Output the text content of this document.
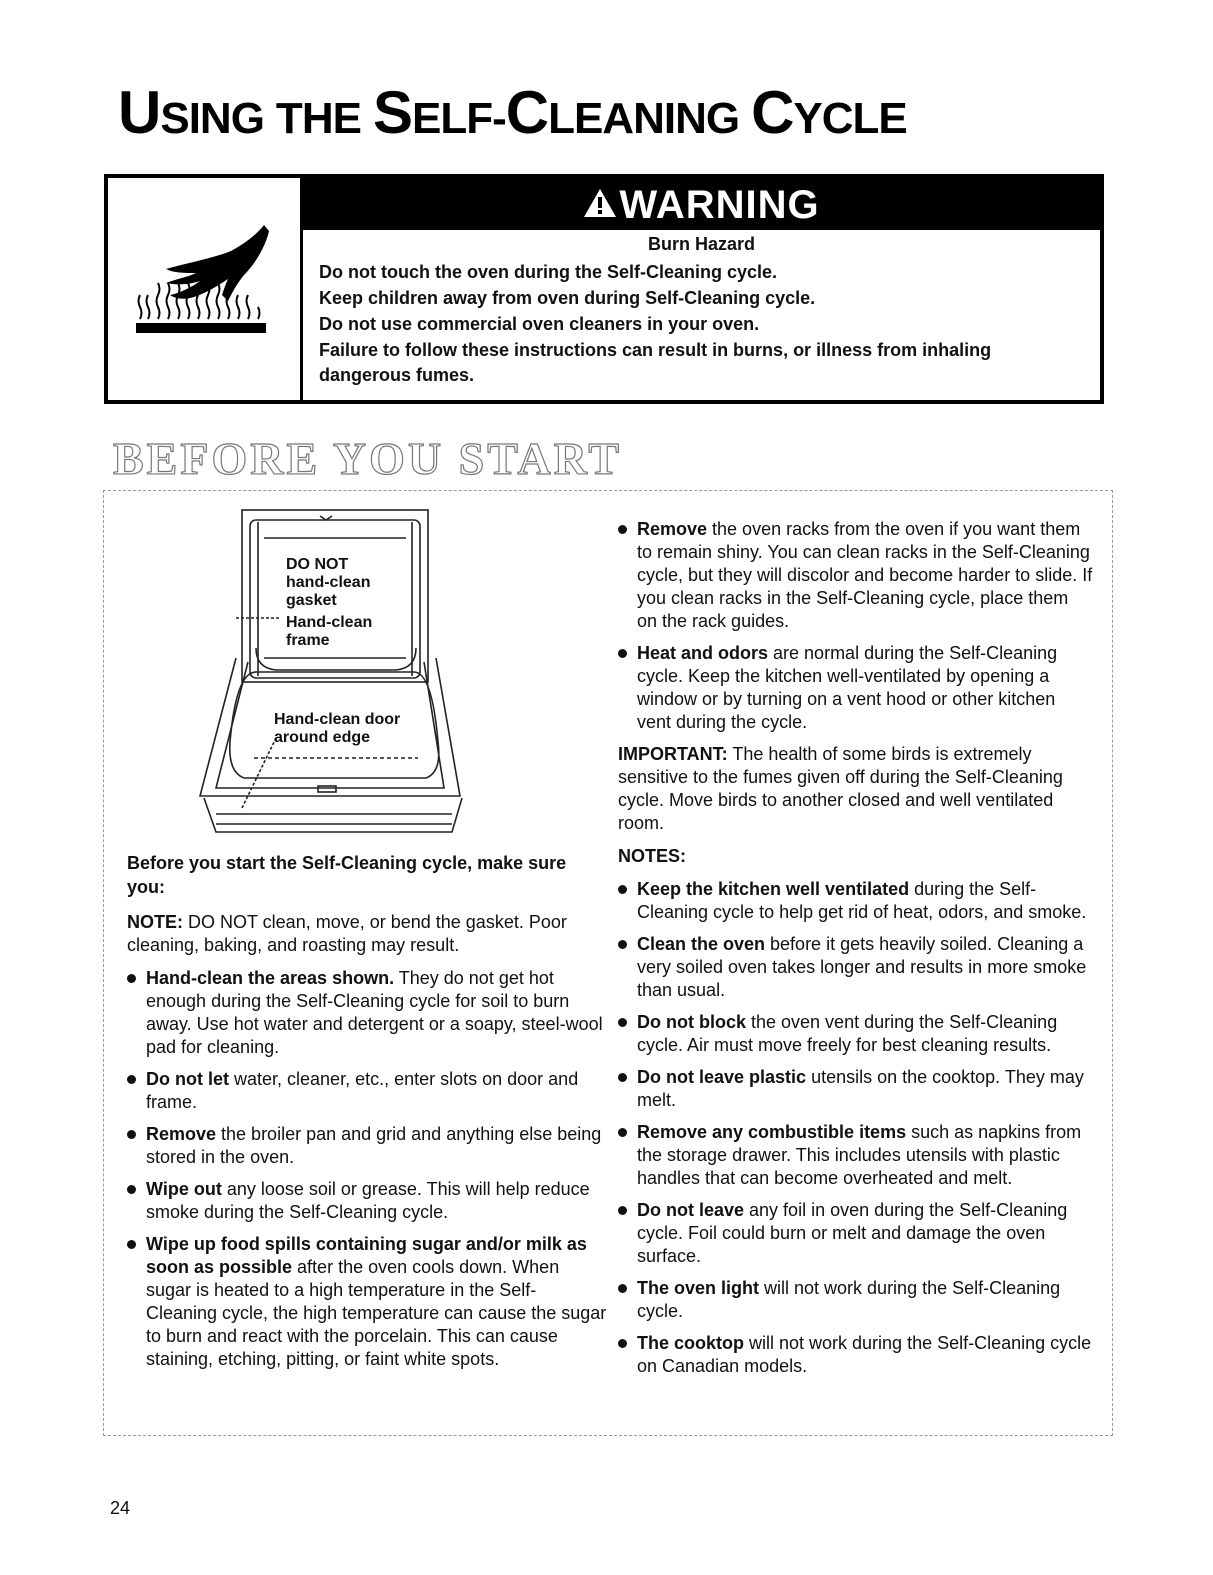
USING THE SELF-CLEANING CYCLE
WARNING
Burn Hazard
Do not touch the oven during the Self-Cleaning cycle.
Keep children away from oven during Self-Cleaning cycle.
Do not use commercial oven cleaners in your oven.
Failure to follow these instructions can result in burns, or illness from inhaling dangerous fumes.
BEFORE YOU START
DO NOT
hand-clean
gasket
Hand-clean
frame
Hand-clean door
around edge

Before you start the Self-Cleaning cycle, make sure you:

NOTE: DO NOT clean, move, or bend the gasket. Poor cleaning, baking, and roasting may result.

Hand-clean the areas shown. They do not get hot enough during the Self-Cleaning cycle for soil to burn away. Use hot water and detergent or a soapy, steel-wool pad for cleaning.
Do not let water, cleaner, etc., enter slots on door and frame.
Remove the broiler pan and grid and anything else being stored in the oven.
Wipe out any loose soil or grease. This will help reduce smoke during the Self-Cleaning cycle.
Wipe up food spills containing sugar and/or milk as soon as possible after the oven cools down. When sugar is heated to a high temperature in the Self-Cleaning cycle, the high temperature can cause the sugar to burn and react with the porcelain. This can cause staining, etching, pitting, or faint white spots.
Remove the oven racks from the oven if you want them to remain shiny. You can clean racks in the Self-Cleaning cycle, but they will discolor and become harder to slide. If you clean racks in the Self-Cleaning cycle, place them on the rack guides.
Heat and odors are normal during the Self-Cleaning cycle. Keep the kitchen well-ventilated by opening a window or by turning on a vent hood or other kitchen vent during the cycle.

IMPORTANT: The health of some birds is extremely sensitive to the fumes given off during the Self-Cleaning cycle. Move birds to another closed and well ventilated room.

NOTES:

Keep the kitchen well ventilated during the Self-Cleaning cycle to help get rid of heat, odors, and smoke.
Clean the oven before it gets heavily soiled. Cleaning a very soiled oven takes longer and results in more smoke than usual.
Do not block the oven vent during the Self-Cleaning cycle. Air must move freely for best cleaning results.
Do not leave plastic utensils on the cooktop. They may melt.
Remove any combustible items such as napkins from the storage drawer. This includes utensils with plastic handles that can become overheated and melt.
Do not leave any foil in oven during the Self-Cleaning cycle. Foil could burn or melt and damage the oven surface.
The oven light will not work during the Self-Cleaning cycle.
The cooktop will not work during the Self-Cleaning cycle on Canadian models.
24
